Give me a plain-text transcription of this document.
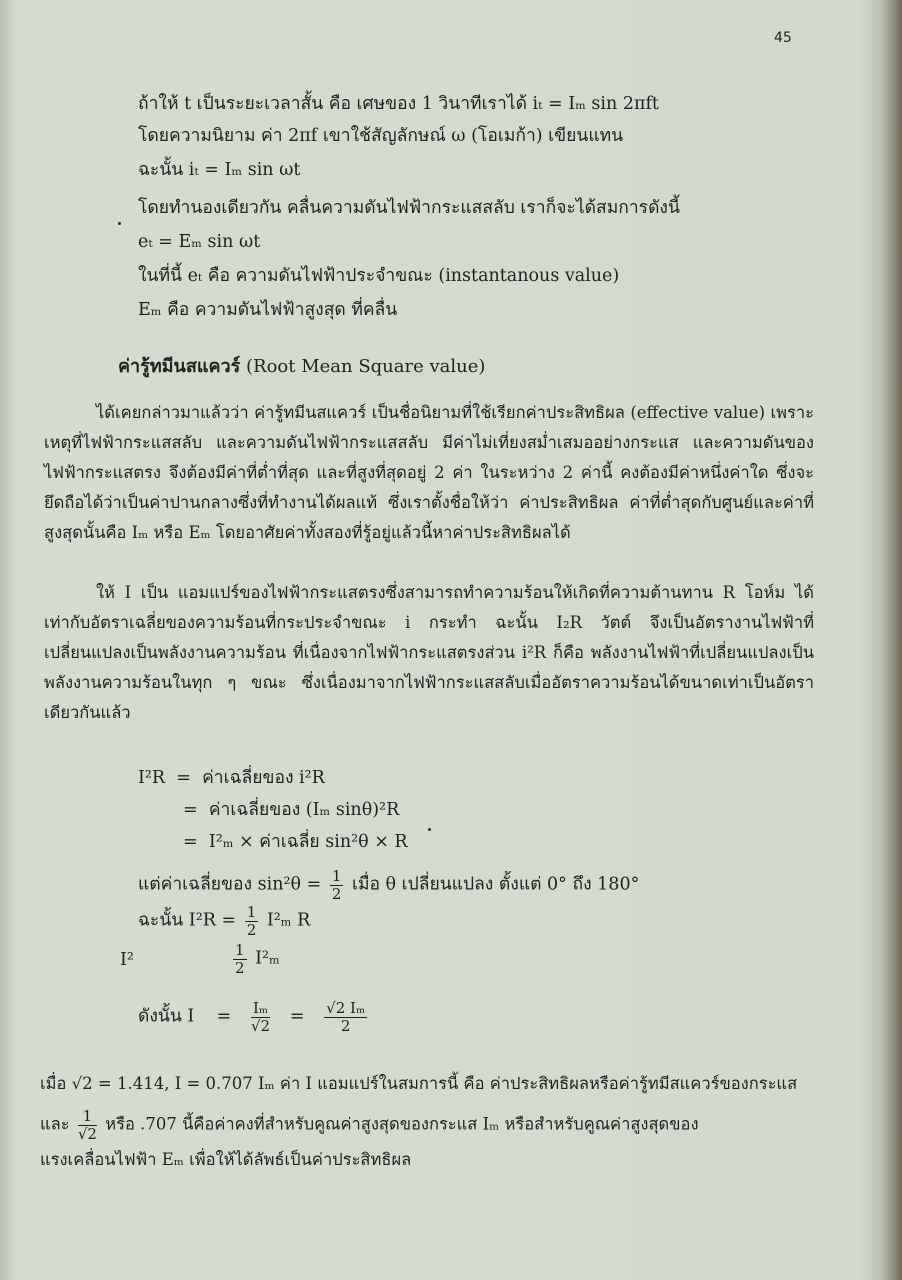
45
ถ้าให้ t เป็นระยะเวลาสั้น คือ เศษของ 1 วินาทีเราได้ iₜ = Iₘ sin 2πft
โดยความนิยาม ค่า 2πf เขาใช้สัญลักษณ์ ω (โอเมก้า) เขียนแทน
ฉะนั้น iₜ = Iₘ sin ωt
โดยทำนองเดียวกัน คลื่นความดันไฟฟ้ากระแสสลับ เราก็จะได้สมการดังนี้
eₜ = Eₘ sin ωt
ในที่นี้ eₜ คือ ความดันไฟฟ้าประจำขณะ (instantanous value)
Eₘ คือ ความดันไฟฟ้าสูงสุด ที่คลื่น
ค่ารู้ทมีนสแควร์ (Root Mean Square value)
ได้เคยกล่าวมาแล้วว่า ค่ารู้ทมีนสแควร์ เป็นชื่อนิยามที่ใช้เรียกค่าประสิทธิผล (effective value) เพราะเหตุที่ไฟฟ้ากระแสสลับ และความดันไฟฟ้ากระแสสลับ มีค่าไม่เที่ยงสม่ำเสมออย่างกระแส และความดันของไฟฟ้ากระแสตรง จึงต้องมีค่าที่ต่ำที่สุด และที่สูงที่สุดอยู่ 2 ค่า ในระหว่าง 2 ค่านี้ คงต้องมีค่าหนึ่งค่าใด ซึ่งจะยึดถือได้ว่าเป็นค่าปานกลางซึ่งที่ทำงานได้ผลแท้ ซึ่งเราตั้งชื่อให้ว่า ค่าประสิทธิผล ค่าที่ต่ำสุดกับศูนย์และค่าที่สูงสุดนั้นคือ Iₘ หรือ Eₘ โดยอาศัยค่าทั้งสองที่รู้อยู่แล้วนี้หาค่าประสิทธิผลได้
ให้ I เป็น แอมแปร์ของไฟฟ้ากระแสตรงซึ่งสามารถทำความร้อนให้เกิดที่ความต้านทาน R โอห์ม ได้เท่ากับอัตราเฉลี่ยของความร้อนที่กระประจำขณะ i กระทำ ฉะนั้น I₂R วัตต์ จึงเป็นอัตรางานไฟฟ้าที่เปลี่ยนแปลงเป็นพลังงานความร้อน ที่เนื่องจากไฟฟ้ากระแสตรงส่วน i²R ก็คือ พลังงานไฟฟ้าที่เปลี่ยนแปลงเป็นพลังงานความร้อนในทุก ๆ ขณะ ซึ่งเนื่องมาจากไฟฟ้ากระแสสลับเมื่ออัตราความร้อนได้ขนาดเท่าเป็นอัตราเดียวกันแล้ว
I²R = ค่าเฉลี่ยของ i²R
= ค่าเฉลี่ยของ (Iₘ sinθ)²R
= I²ₘ × ค่าเฉลี่ย sin²θ × R
แต่ค่าเฉลี่ยของ $\sin^2\theta = \frac{1}{2}$ เมื่อ θ เปลี่ยนแปลง ตั้งแต่ 0° ถึง 180°
ฉะนั้น $I^2R = \frac{1}{2} I^2_m$ R
I²	$\frac{1}{2} I^2_m$
ดังนั้น $I = \frac{\text{Iₘ}}{√2} = \frac{\text{√2 Iₘ}}{2}$
เมื่อ √2 = 1.414, I = 0.707 Iₘ ค่า I แอมแปร์ในสมการนี้ คือ ค่าประสิทธิผลหรือค่ารู้ทมีสแควร์ของกระแส
และ $\frac{1}{√2}$ หรือ .707 นี้คือค่าคงที่สำหรับคูณค่าสูงสุดของกระแส Iₘ หรือสำหรับคูณค่าสูงสุดของ
แรงเคลื่อนไฟฟ้า Eₘ เพื่อให้ได้ลัพธ์เป็นค่าประสิทธิผล
